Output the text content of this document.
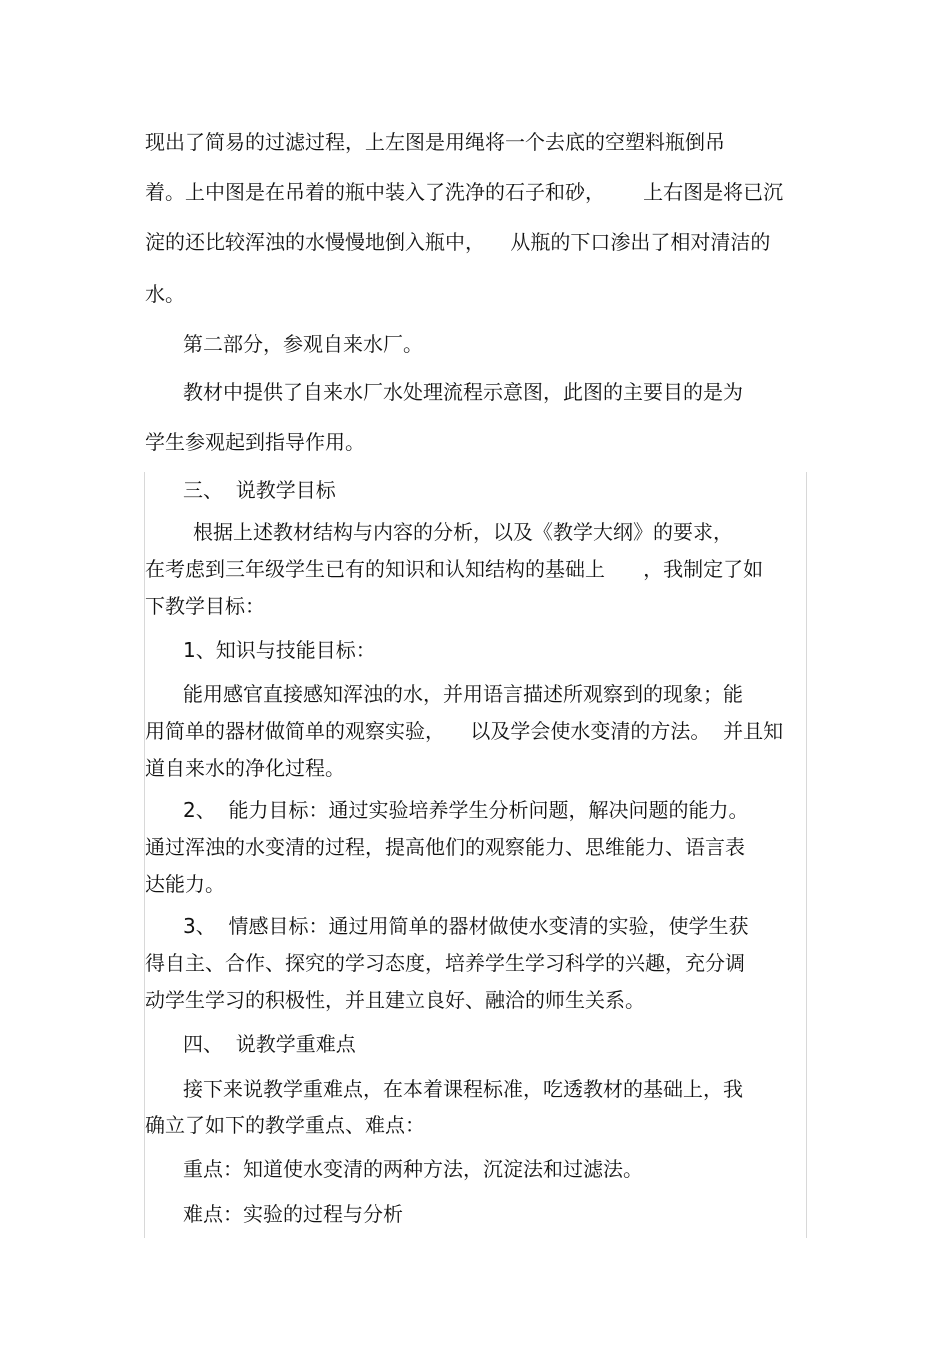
现出了简易的过滤过程，上左图是用绳将一个去底的空塑料瓶倒吊
着。上中图是在吊着的瓶中装入了洗净的石子和砂，      上右图是将已沉
淀的还比较浑浊的水慢慢地倒入瓶中，    从瓶的下口渗出了相对清洁的
水。
第二部分，参观自来水厂。
教材中提供了自来水厂水处理流程示意图，此图的主要目的是为
学生参观起到指导作用。
三、  说教学目标
根据上述教材结构与内容的分析，以及《教学大纲》的要求，
在考虑到三年级学生已有的知识和认知结构的基础上      ，我制定了如
下教学目标：
1、知识与技能目标：
能用感官直接感知浑浊的水，并用语言描述所观察到的现象；能
用简单的器材做简单的观察实验，    以及学会使水变清的方法。  并且知
道自来水的净化过程。
2、  能力目标：通过实验培养学生分析问题，解决问题的能力。
通过浑浊的水变清的过程，提高他们的观察能力、思维能力、语言表
达能力。
3、  情感目标：通过用简单的器材做使水变清的实验，使学生获
得自主、合作、探究的学习态度，培养学生学习科学的兴趣，充分调
动学生学习的积极性，并且建立良好、融洽的师生关系。
四、  说教学重难点
接下来说教学重难点，在本着课程标准，吃透教材的基础上，我
确立了如下的教学重点、难点：
重点：知道使水变清的两种方法，沉淀法和过滤法。
难点：实验的过程与分析
